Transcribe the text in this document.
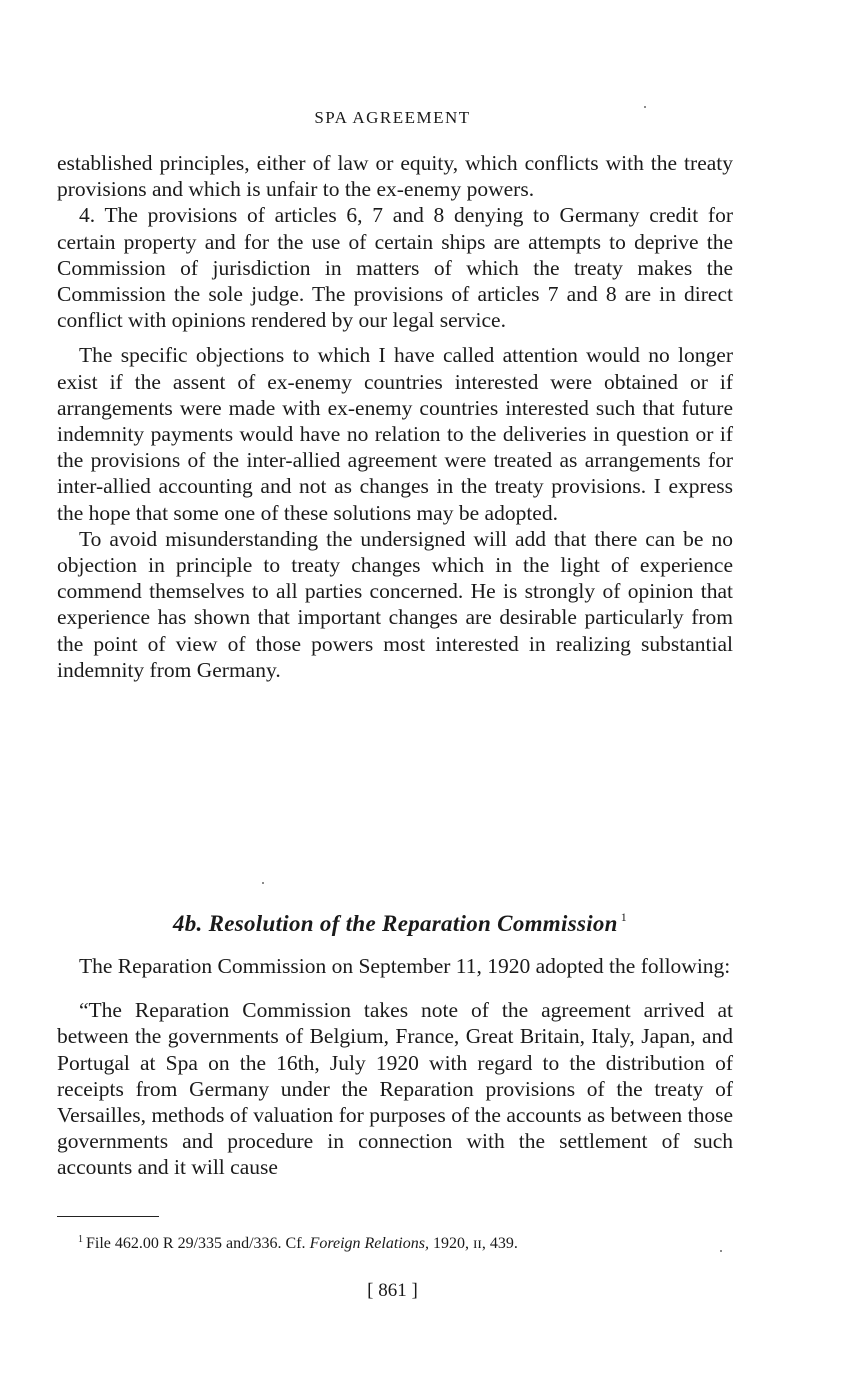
SPA AGREEMENT

established principles, either of law or equity, which conflicts with the treaty provisions and which is unfair to the ex-enemy powers.

4. The provisions of articles 6, 7 and 8 denying to Germany credit for certain property and for the use of certain ships are attempts to deprive the Commission of jurisdiction in matters of which the treaty makes the Commission the sole judge. The provisions of articles 7 and 8 are in direct conflict with opinions rendered by our legal service.

The specific objections to which I have called attention would no longer exist if the assent of ex-enemy countries interested were obtained or if arrangements were made with ex-enemy countries interested such that future indemnity payments would have no relation to the deliveries in question or if the provisions of the inter-allied agreement were treated as arrangements for inter-allied accounting and not as changes in the treaty provisions. I express the hope that some one of these solutions may be adopted.

To avoid misunderstanding the undersigned will add that there can be no objection in principle to treaty changes which in the light of experience commend themselves to all parties concerned. He is strongly of opinion that experience has shown that important changes are desirable particularly from the point of view of those powers most interested in realizing substantial indemnity from Germany.

4b. Resolution of the Reparation Commission $^1$

The Reparation Commission on September 11, 1920 adopted the following:

“The Reparation Commission takes note of the agreement arrived at between the governments of Belgium, France, Great Britain, Italy, Japan, and Portugal at Spa on the 16th, July 1920 with regard to the distribution of receipts from Germany under the Reparation provisions of the treaty of Versailles, methods of valuation for purposes of the accounts as between those governments and procedure in connection with the settlement of such accounts and it will cause

$^1$ File 462.00 R 29/335 and/336. Cf. Foreign Relations, 1920, ɪɪ, 439.
[ 861 ]
